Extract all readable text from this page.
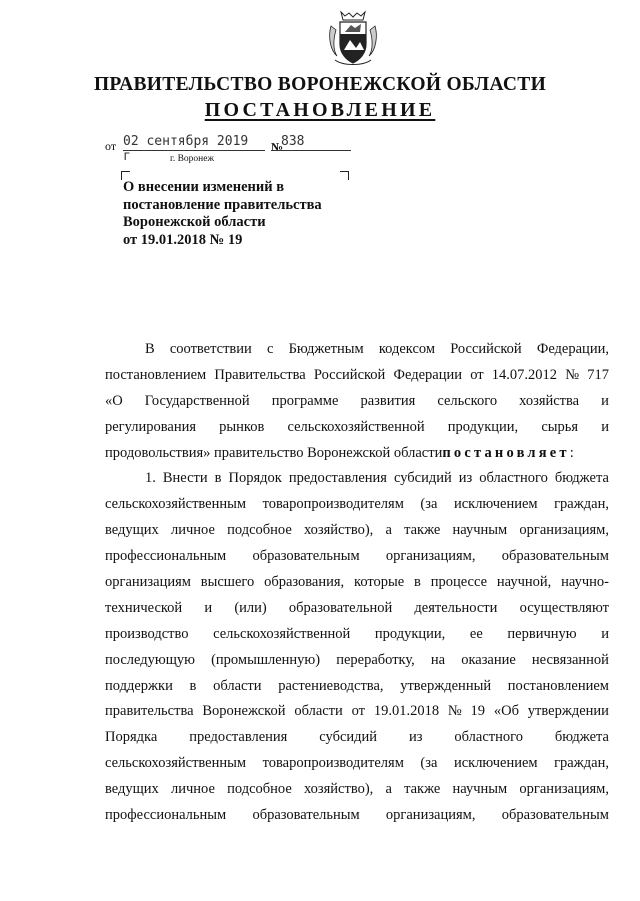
ПРАВИТЕЛЬСТВО ВОРОНЕЖСКОЙ ОБЛАСТИ
ПОСТАНОВЛЕНИЕ
от 02 сентября 2019 г
№
838
г. Воронеж
О внесении изменений в
постановление правительства
Воронежской области
от 19.01.2018 № 19
В соответствии с Бюджетным кодексом Российской Федерации,
постановлением Правительства Российской Федерации от 14.07.2012 № 717
«О Государственной программе развития сельского хозяйства и
регулирования рынков сельскохозяйственной продукции, сырья и
продовольствия» правительство Воронежской области постановляет :
1. Внести в Порядок предоставления субсидий из областного бюджета
сельскохозяйственным товаропроизводителям (за исключением граждан,
ведущих личное подсобное хозяйство), а также научным организациям,
профессиональным образовательным организациям, образовательным
организациям высшего образования, которые в процессе научной, научно-
технической и (или) образовательной деятельности осуществляют
производство сельскохозяйственной продукции, ее первичную и
последующую (промышленную) переработку, на оказание несвязанной
поддержки в области растениеводства, утвержденный постановлением
правительства Воронежской области от 19.01.2018 № 19 «Об утверждении
Порядка предоставления субсидий из областного бюджета
сельскохозяйственным товаропроизводителям (за исключением граждан,
ведущих личное подсобное хозяйство), а также научным организациям,
профессиональным образовательным организациям, образовательным
